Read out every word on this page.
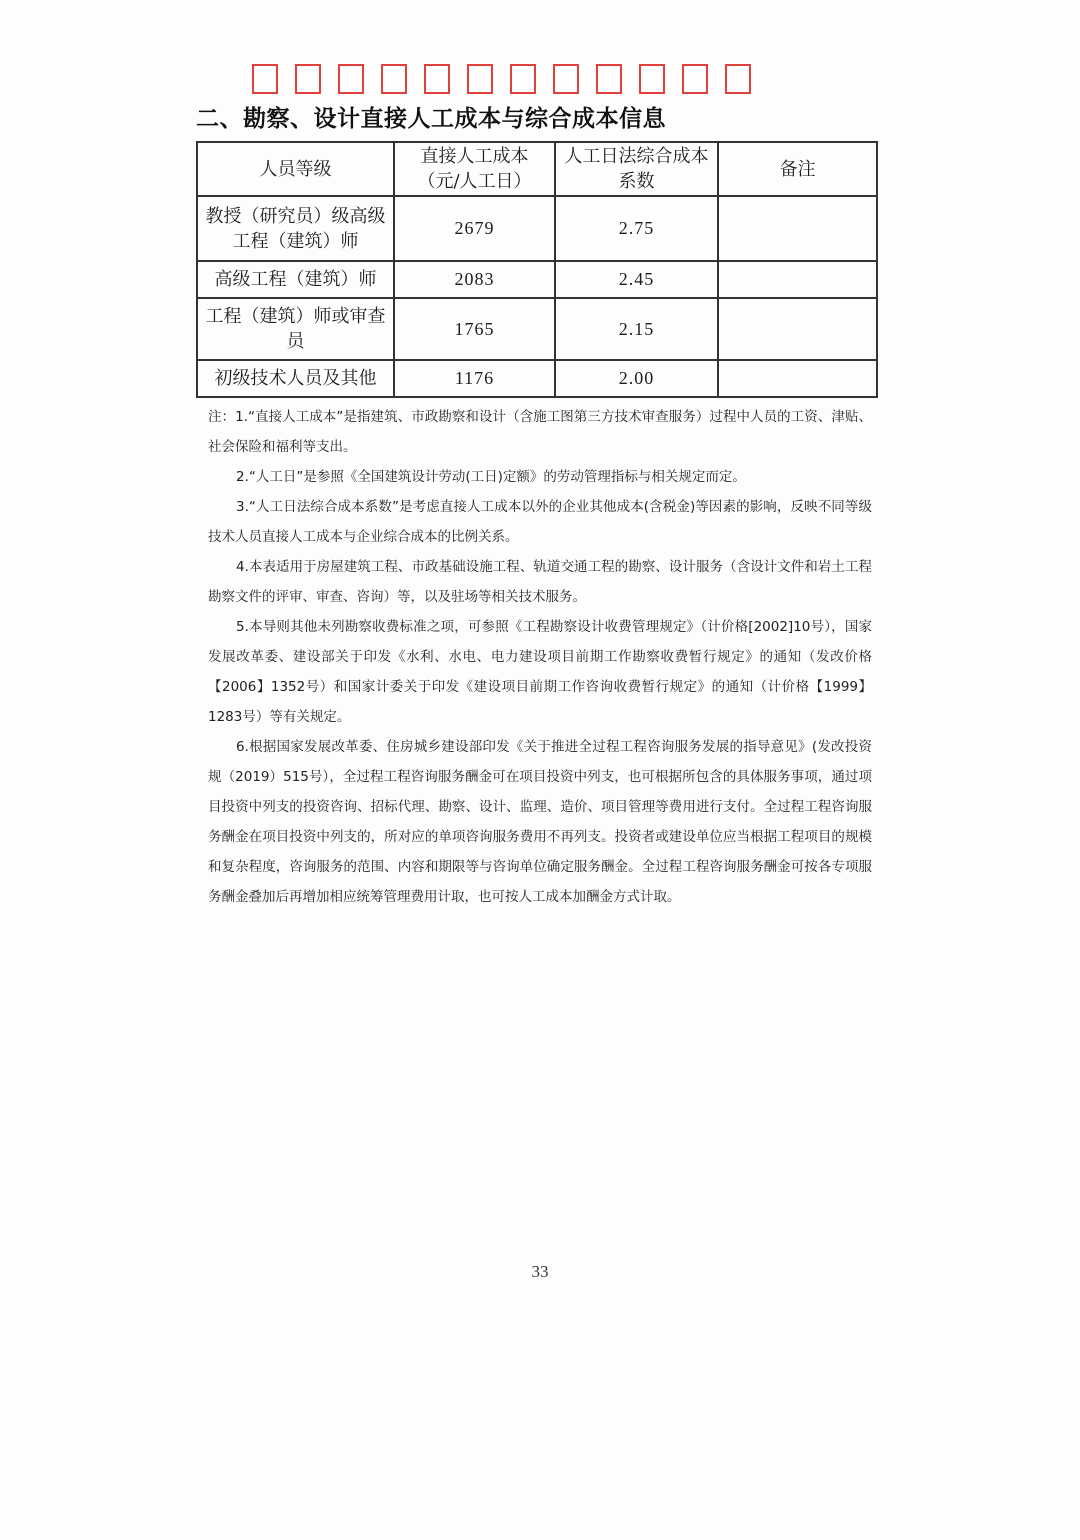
二、勘察、设计直接人工成本与综合成本信息
人员等级	直接人工成本（元/人工日）	人工日法综合成本系数	备注
教授（研究员）级高级工程（建筑）师	2679	2.75	
高级工程（建筑）师	2083	2.45	
工程（建筑）师或审查员	1765	2.15	
初级技术人员及其他	1176	2.00	

注：1.“直接人工成本”是指建筑、市政勘察和设计（含施工图第三方技术审查服务）过程中人员的工资、津贴、社会保险和福利等支出。

2.“人工日”是参照《全国建筑设计劳动(工日)定额》的劳动管理指标与相关规定而定。

3.“人工日法综合成本系数”是考虑直接人工成本以外的企业其他成本(含税金)等因素的影响，反映不同等级技术人员直接人工成本与企业综合成本的比例关系。

4.本表适用于房屋建筑工程、市政基础设施工程、轨道交通工程的勘察、设计服务（含设计文件和岩土工程勘察文件的评审、审查、咨询）等，以及驻场等相关技术服务。

5.本导则其他未列勘察收费标准之项，可参照《工程勘察设计收费管理规定》（计价格[2002]10号），国家发展改革委、建设部关于印发《水利、水电、电力建设项目前期工作勘察收费暂行规定》的通知（发改价格【2006】1352号）和国家计委关于印发《建设项目前期工作咨询收费暂行规定》的通知（计价格【1999】1283号）等有关规定。

6.根据国家发展改革委、住房城乡建设部印发《关于推进全过程工程咨询服务发展的指导意见》(发改投资规（2019）515号），全过程工程咨询服务酬金可在项目投资中列支，也可根据所包含的具体服务事项，通过项目投资中列支的投资咨询、招标代理、勘察、设计、监理、造价、项目管理等费用进行支付。全过程工程咨询服务酬金在项目投资中列支的，所对应的单项咨询服务费用不再列支。投资者或建设单位应当根据工程项目的规模和复杂程度，咨询服务的范围、内容和期限等与咨询单位确定服务酬金。全过程工程咨询服务酬金可按各专项服务酬金叠加后再增加相应统筹管理费用计取，也可按人工成本加酬金方式计取。

33
